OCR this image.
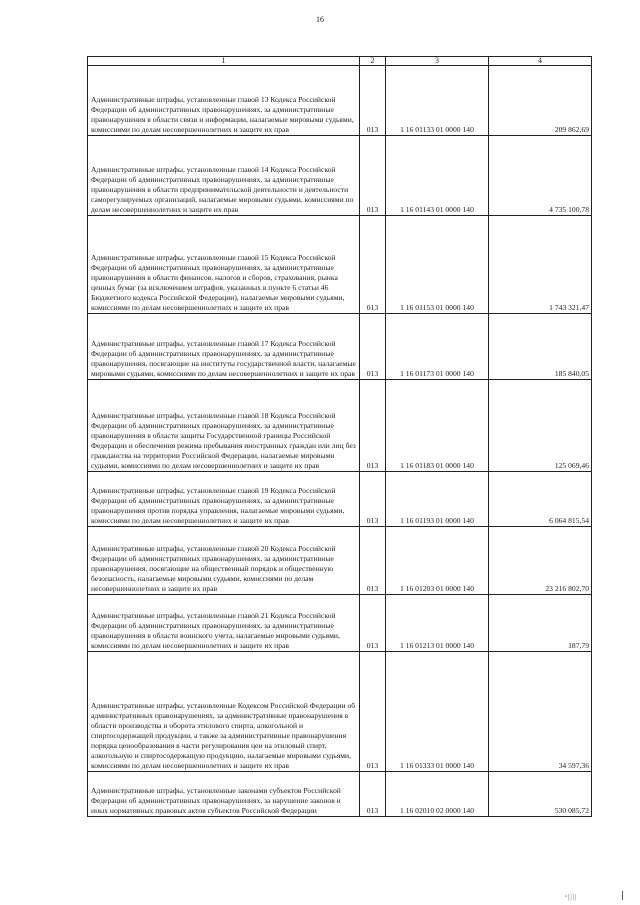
16
1	2	3	4
Административные штрафы, установленные главой 13 Кодекса Российской Федерации об административных правонарушениях, за административные правонарушения в области связи и информации, налагаемые мировыми судьями, комиссиями по делам несовершеннолетних и защите их прав	013	1 16 01133 01 0000 140	209 862,69
Административные штрафы, установленные главой 14 Кодекса Российской Федерации об административных правонарушениях, за административные правонарушения в области предпринимательской деятельности и деятельности саморегулируемых организаций, налагаемые мировыми судьями, комиссиями по делам несовершеннолетних и защите их прав	013	1 16 01143 01 0000 140	4 735 100,78
Административные штрафы, установленные главой 15 Кодекса Российской Федерации об административных правонарушениях, за административные правонарушения в области финансов, налогов и сборов, страхования, рынка ценных бумаг (за исключением штрафов, указанных в пункте 6 статьи 46 Бюджетного кодекса Российской Федерации), налагаемые мировыми судьями, комиссиями по делам несовершеннолетних и защите их прав	013	1 16 01153 01 0000 140	1 743 321,47
Административные штрафы, установленные главой 17 Кодекса Российской Федерации об административных правонарушениях, за административные правонарушения, посягающие на институты государственной власти, налагаемые мировыми судьями, комиссиями по делам несовершеннолетних и защите их прав	013	1 16 01173 01 0000 140	185 840,05
Административные штрафы, установленные главой 18 Кодекса Российской Федерации об административных правонарушениях, за административные правонарушения в области защиты Государственной границы Российской Федерации и обеспечения режима пребывания иностранных граждан или лиц без гражданства на территории Российской Федерации, налагаемые мировыми судьями, комиссиями по делам несовершеннолетних и защите их прав	013	1 16 01183 01 0000 140	125 069,46
Административные штрафы, установленные главой 19 Кодекса Российской Федерации об административных правонарушениях, за административные правонарушения против порядка управления, налагаемые мировыми судьями, комиссиями по делам несовершеннолетних и защите их прав	013	1 16 01193 01 0000 140	6 064 815,54
Административные штрафы, установленные главой 20 Кодекса Российской Федерации об административных правонарушениях, за административные правонарушения, посягающие на общественный порядок и общественную безопасность, налагаемые мировыми судьями, комиссиями по делам несовершеннолетних и защите их прав	013	1 16 01203 01 0000 140	23 216 802,70
Административные штрафы, установленные главой 21 Кодекса Российской Федерации об административных правонарушениях, за административные правонарушения в области воинского учета, налагаемые мировыми судьями, комиссиями по делам несовершеннолетних и защите их прав	013	1 16 01213 01 0000 140	187,79
Административные штрафы, установленные Кодексом Российской Федерации об административных правонарушениях, за административные правонарушения в области производства и оборота этилового спирта, алкогольной и спиртосодержащей продукции, а также за административные правонарушения порядка ценообразования в части регулирования цен на этиловый спирт, алкогольную и спиртосодержащую продукцию, налагаемые мировыми судьями, комиссиями по делам несовершеннолетних и защите их прав	013	1 16 01333 01 0000 140	34 597,36
Административные штрафы, установленные законами субъектов Российской Федерации об административных правонарушениях, за нарушение законов и иных нормативных правовых актов субъектов Российской Федерации	013	1 16 02010 02 0000 140	530 085,72
ᵃ||||
